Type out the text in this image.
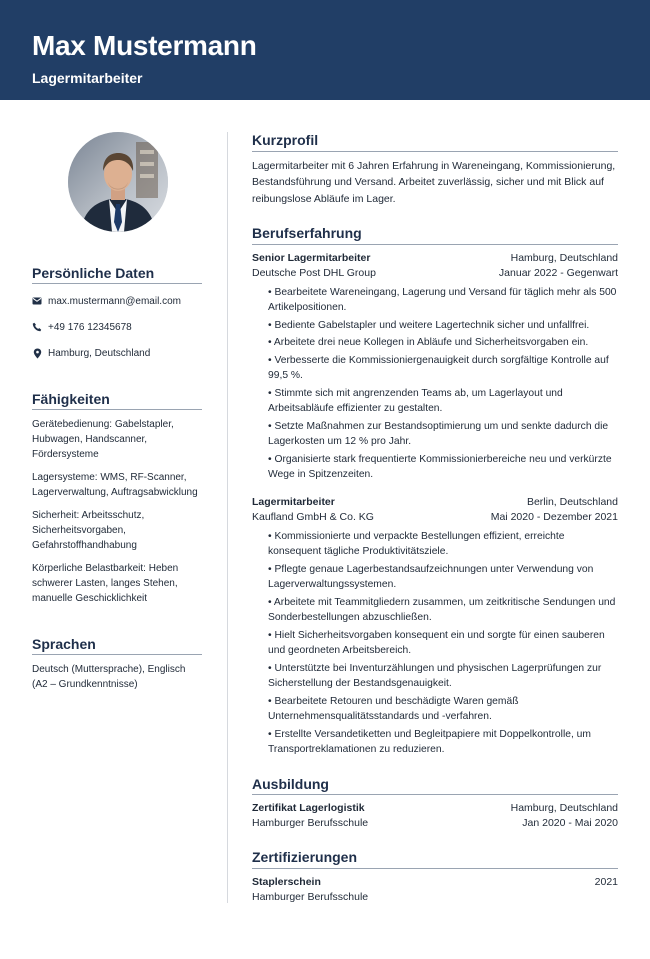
Max Mustermann
Lagermitarbeiter
Persönliche Daten
max.mustermann@email.com
+49 176 12345678
Hamburg, Deutschland
Fähigkeiten
Gerätebedienung: Gabelstapler, Hubwagen, Handscanner, Fördersysteme
Lagersysteme: WMS, RF-Scanner, Lagerverwaltung, Auftragsabwicklung
Sicherheit: Arbeitsschutz, Sicherheitsvorgaben, Gefahrstoffhandhabung
Körperliche Belastbarkeit: Heben schwerer Lasten, langes Stehen, manuelle Geschicklichkeit
Sprachen
Deutsch (Muttersprache), Englisch (A2 – Grundkenntnisse)
Kurzprofil
Lagermitarbeiter mit 6 Jahren Erfahrung in Wareneingang, Kommissionierung, Bestandsführung und Versand. Arbeitet zuverlässig, sicher und mit Blick auf reibungslose Abläufe im Lager.
Berufserfahrung
Senior Lagermitarbeiter	Hamburg, Deutschland
Deutsche Post DHL Group	Januar 2022 - Gegenwart
• Bearbeitete Wareneingang, Lagerung und Versand für täglich mehr als 500 Artikelpositionen.
• Bediente Gabelstapler und weitere Lagertechnik sicher und unfallfrei.
• Arbeitete drei neue Kollegen in Abläufe und Sicherheitsvorgaben ein.
• Verbesserte die Kommissioniergenauigkeit durch sorgfältige Kontrolle auf 99,5 %.
• Stimmte sich mit angrenzenden Teams ab, um Lagerlayout und Arbeitsabläufe effizienter zu gestalten.
• Setzte Maßnahmen zur Bestandsoptimierung um und senkte dadurch die Lagerkosten um 12 % pro Jahr.
• Organisierte stark frequentierte Kommissionierbereiche neu und verkürzte Wege in Spitzenzeiten.
Lagermitarbeiter	Berlin, Deutschland
Kaufland GmbH & Co. KG	Mai 2020 - Dezember 2021
• Kommissionierte und verpackte Bestellungen effizient, erreichte konsequent tägliche Produktivitätsziele.
• Pflegte genaue Lagerbestandsaufzeichnungen unter Verwendung von Lagerverwaltungssystemen.
• Arbeitete mit Teammitgliedern zusammen, um zeitkritische Sendungen und Sonderbestellungen abzuschließen.
• Hielt Sicherheitsvorgaben konsequent ein und sorgte für einen sauberen und geordneten Arbeitsbereich.
• Unterstützte bei Inventurzählungen und physischen Lagerprüfungen zur Sicherstellung der Bestandsgenauigkeit.
• Bearbeitete Retouren und beschädigte Waren gemäß Unternehmensqualitätsstandards und -verfahren.
• Erstellte Versandetiketten und Begleitpapiere mit Doppelkontrolle, um Transportreklamationen zu reduzieren.
Ausbildung
Zertifikat Lagerlogistik	Hamburg, Deutschland
Hamburger Berufsschule	Jan 2020 - Mai 2020
Zertifizierungen
Staplerschein	2021
Hamburger Berufsschule
